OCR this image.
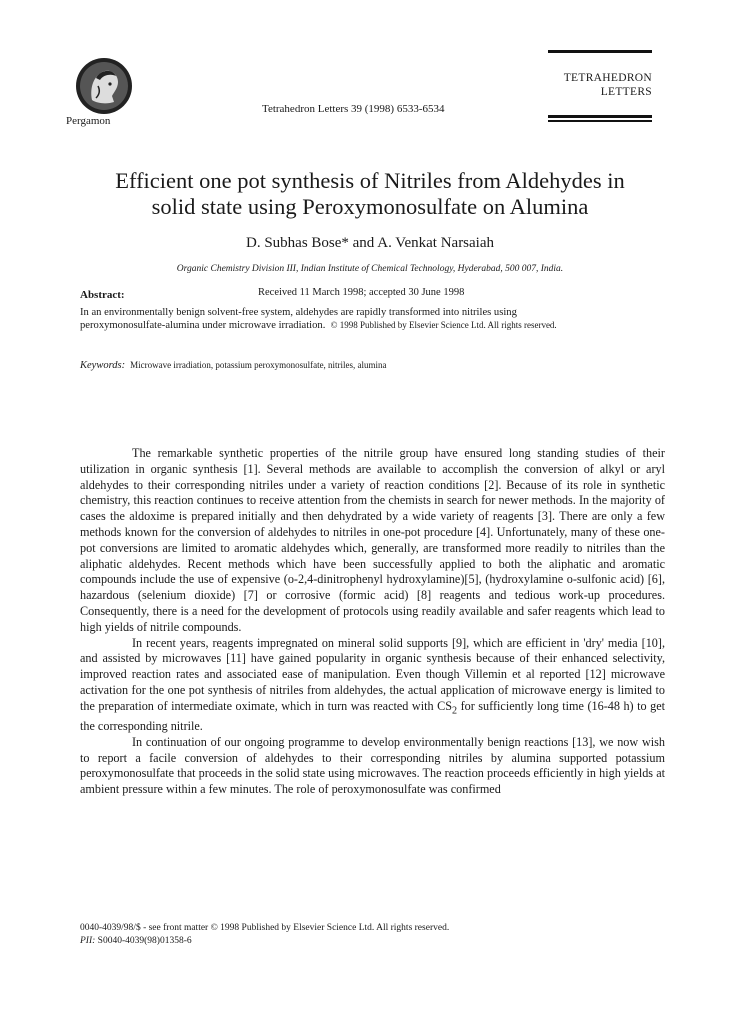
Pergamon
Tetrahedron Letters 39 (1998) 6533-6534
TETRAHEDRON
LETTERS
Efficient one pot synthesis of Nitriles from Aldehydes in
solid state using Peroxymonosulfate on Alumina
D. Subhas Bose* and A. Venkat Narsaiah
Organic Chemistry Division III, Indian Institute of Chemical Technology, Hyderabad, 500 007, India.
Abstract:	Received 11 March 1998; accepted 30 June 1998
In an environmentally benign solvent-free system, aldehydes are rapidly transformed into nitriles using
peroxymonosulfate-alumina under microwave irradiation. © 1998 Published by Elsevier Science Ltd. All rights reserved.
Keywords: Microwave irradiation, potassium peroxymonosulfate, nitriles, alumina

The remarkable synthetic properties of the nitrile group have ensured long standing studies of their utilization in organic synthesis [1]. Several methods are available to accomplish the conversion of alkyl or aryl aldehydes to their corresponding nitriles under a variety of reaction conditions [2]. Because of its role in synthetic chemistry, this reaction continues to receive attention from the chemists in search for newer methods. In the majority of cases the aldoxime is prepared initially and then dehydrated by a wide variety of reagents [3]. There are only a few methods known for the conversion of aldehydes to nitriles in one-pot procedure [4]. Unfortunately, many of these one-pot conversions are limited to aromatic aldehydes which, generally, are transformed more readily to nitriles than the aliphatic aldehydes. Recent methods which have been successfully applied to both the aliphatic and aromatic compounds include the use of expensive (o-2,4-dinitrophenyl hydroxylamine)[5], (hydroxylamine o-sulfonic acid) [6], hazardous (selenium dioxide) [7] or corrosive (formic acid) [8] reagents and tedious work-up procedures. Consequently, there is a need for the development of protocols using readily available and safer reagents which lead to high yields of nitrile compounds.

In recent years, reagents impregnated on mineral solid supports [9], which are efficient in 'dry' media [10], and assisted by microwaves [11] have gained popularity in organic synthesis because of their enhanced selectivity, improved reaction rates and associated ease of manipulation. Even though Villemin et al reported [12] microwave activation for the one pot synthesis of nitriles from aldehydes, the actual application of microwave energy is limited to the preparation of intermediate oximate, which in turn was reacted with $CS_2$ for sufficiently long time (16-48 h) to get the corresponding nitrile.

In continuation of our ongoing programme to develop environmentally benign reactions [13], we now wish to report a facile conversion of aldehydes to their corresponding nitriles by alumina supported potassium peroxymonosulfate that proceeds in the solid state using microwaves. The reaction proceeds efficiently in high yields at ambient pressure within a few minutes. The role of peroxymonosulfate was confirmed

0040-4039/98/$ - see front matter © 1998 Published by Elsevier Science Ltd. All rights reserved.
PII: S0040-4039(98)01358-6
